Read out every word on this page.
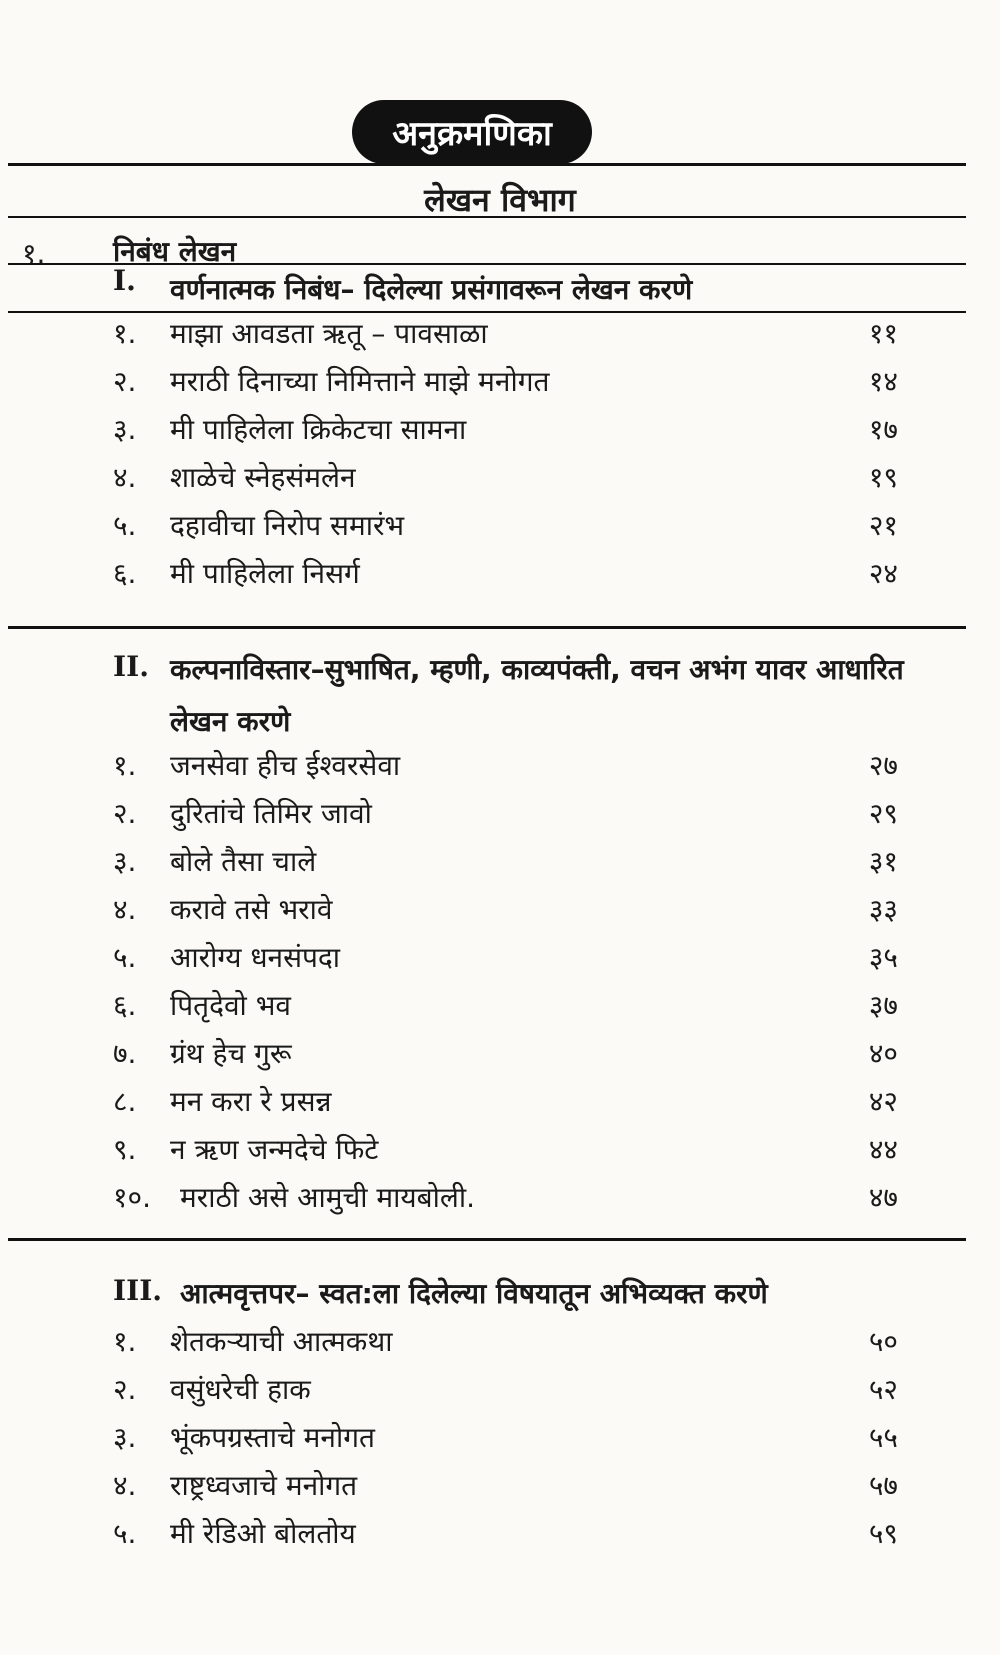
अनुक्रमणिका
लेखन विभाग
१. निबंध लेखन
I. वर्णनात्मक निबंध– दिलेल्या प्रसंगावरून लेखन करणे
१. माझा आवडता ऋतू – पावसाळा	११
२. मराठी दिनाच्या निमित्ताने माझे मनोगत	१४
३. मी पाहिलेला क्रिकेटचा सामना	१७
४. शाळेचे स्नेहसंमलेन	१९
५. दहावीचा निरोप समारंभ	२१
६. मी पाहिलेला निसर्ग	२४
II. कल्पनाविस्तार–सुभाषित, म्हणी, काव्यपंक्ती, वचन अभंग यावर आधारित लेखन करणे
१. जनसेवा हीच ईश्वरसेवा	२७
२. दुरितांचे तिमिर जावो	२९
३. बोले तैसा चाले	३१
४. करावे तसे भरावे	३३
५. आरोग्य धनसंपदा	३५
६. पितृदेवो भव	३७
७. ग्रंथ हेच गुरू	४०
८. मन करा रे प्रसन्न	४२
९. न ऋण जन्मदेचे फिटे	४४
१०. मराठी असे आमुची मायबोली.	४७
III. आत्मवृत्तपर– स्वत:ला दिलेल्या विषयातून अभिव्यक्त करणे
१. शेतकऱ्याची आत्मकथा	५०
२. वसुंधरेची हाक	५२
३. भूंकपग्रस्ताचे मनोगत	५५
४. राष्ट्रध्वजाचे मनोगत	५७
५. मी रेडिओ बोलतोय	५९
